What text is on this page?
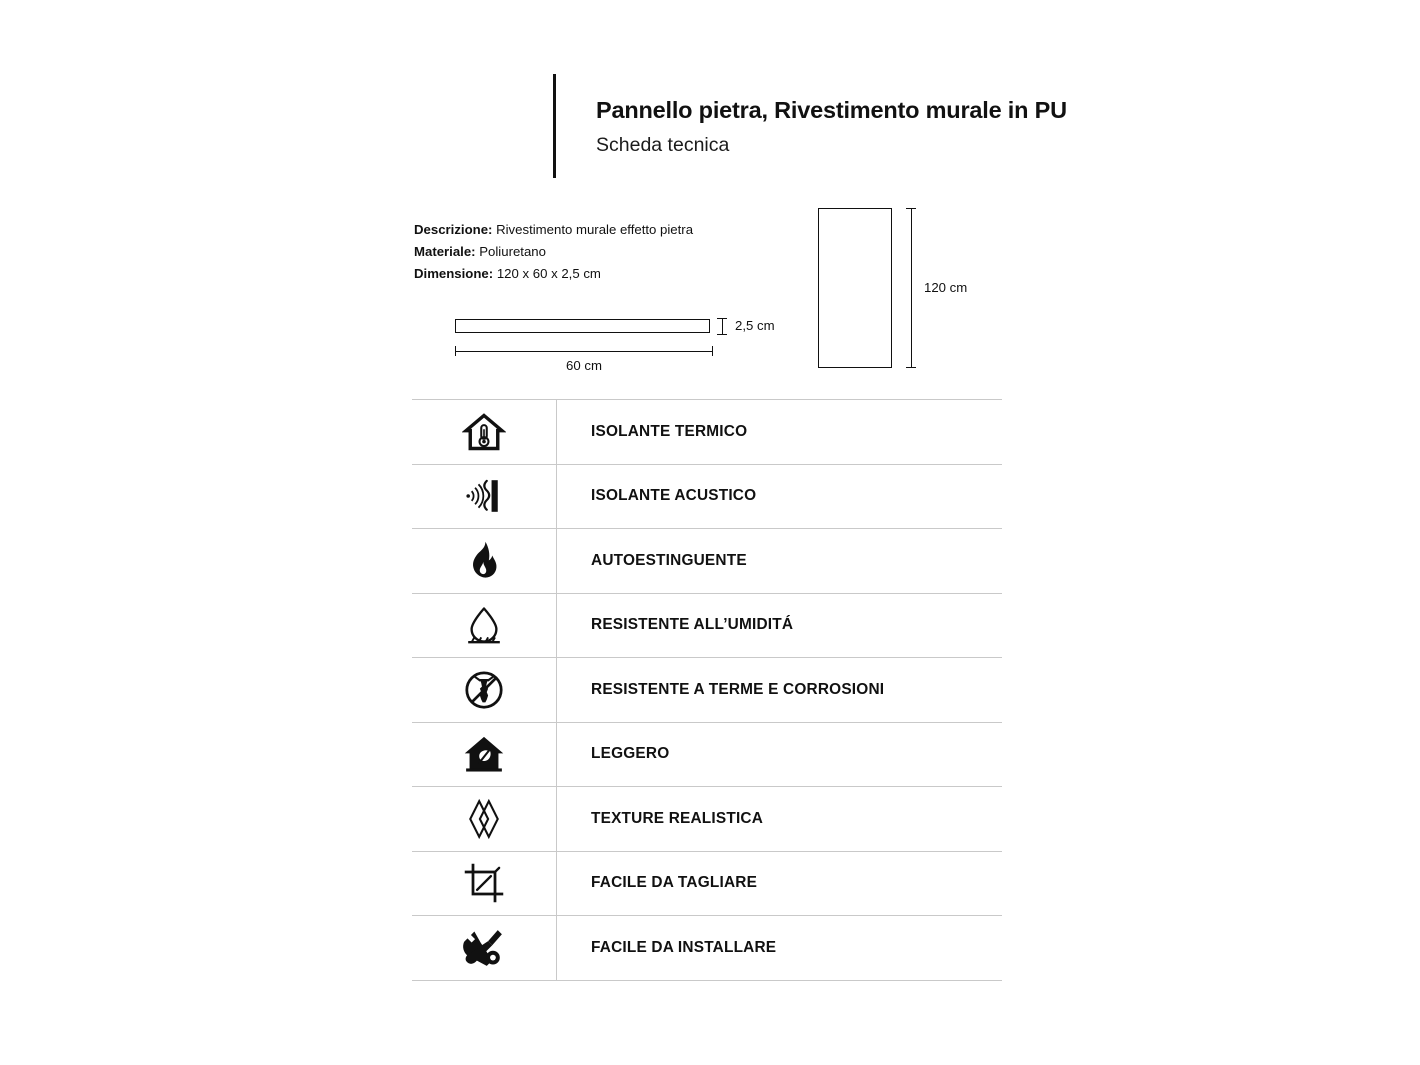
Pannello pietra, Rivestimento murale in PU
Scheda tecnica
Descrizione: Rivestimento murale effetto pietra
Materiale: Poliuretano
Dimensione: 120 x 60 x 2,5 cm
2,5 cm
60 cm
120 cm
ISOLANTE TERMICO
ISOLANTE ACUSTICO
AUTOESTINGUENTE
RESISTENTE ALL’UMIDITÁ
RESISTENTE A TERME E CORROSIONI
LEGGERO
TEXTURE REALISTICA
FACILE DA TAGLIARE
FACILE DA INSTALLARE
